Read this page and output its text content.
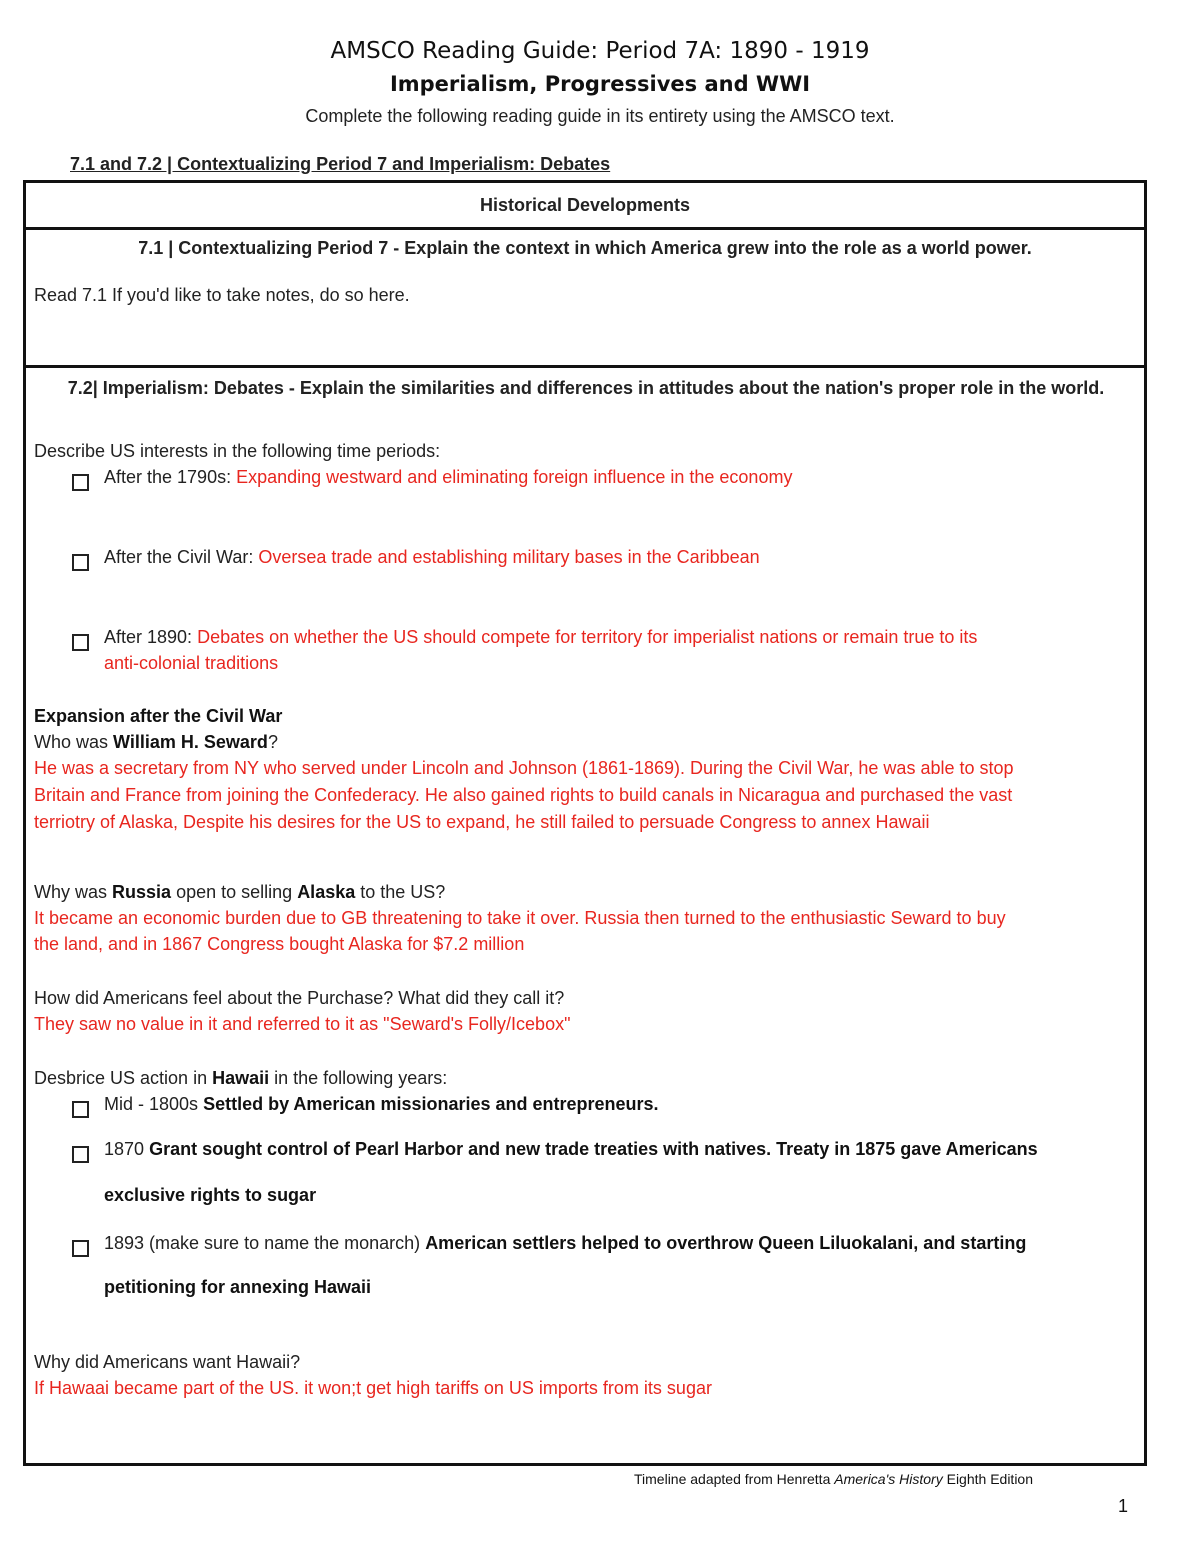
AMSCO Reading Guide: Period 7A: 1890 - 1919
Imperialism, Progressives and WWI
Complete the following reading guide in its entirety using the AMSCO text.
7.1 and 7.2 | Contextualizing Period 7 and Imperialism: Debates
Historical Developments
7.1 | Contextualizing Period 7 - Explain the context in which America grew into the role as a world power.
Read 7.1 If you'd like to take notes, do so here.
7.2| Imperialism: Debates - Explain the similarities and differences in attitudes about the nation's proper role in the world.
Describe US interests in the following time periods:
After the 1790s: Expanding westward and eliminating foreign influence in the economy
After the Civil War: Oversea trade and establishing military bases in the Caribbean
After 1890: Debates on whether the US should compete for territory for imperialist nations or remain true to its
anti-colonial traditions
Expansion after the Civil War
Who was William H. Seward?
He was a secretary from NY who served under Lincoln and Johnson (1861-1869). During the Civil War, he was able to stop
Britain and France from joining the Confederacy. He also gained rights to build canals in Nicaragua and purchased the vast
terriotry of Alaska, Despite his desires for the US to expand, he still failed to persuade Congress to annex Hawaii
Why was Russia open to selling Alaska to the US?
It became an economic burden due to GB threatening to take it over. Russia then turned to the enthusiastic Seward to buy
the land, and in 1867 Congress bought Alaska for $7.2 million
How did Americans feel about the Purchase? What did they call it?
They saw no value in it and referred to it as "Seward's Folly/Icebox"
Desbrice US action in Hawaii in the following years:
Mid - 1800s Settled by American missionaries and entrepreneurs.
1870 Grant sought control of Pearl Harbor and new trade treaties with natives. Treaty in 1875 gave Americans
exclusive rights to sugar
1893 (make sure to name the monarch) American settlers helped to overthrow Queen Liluokalani, and starting
petitioning for annexing Hawaii
Why did Americans want Hawaii?
If Hawaai became part of the US. it won;t get high tariffs on US imports from its sugar
Timeline adapted from Henretta America's History Eighth Edition
1
